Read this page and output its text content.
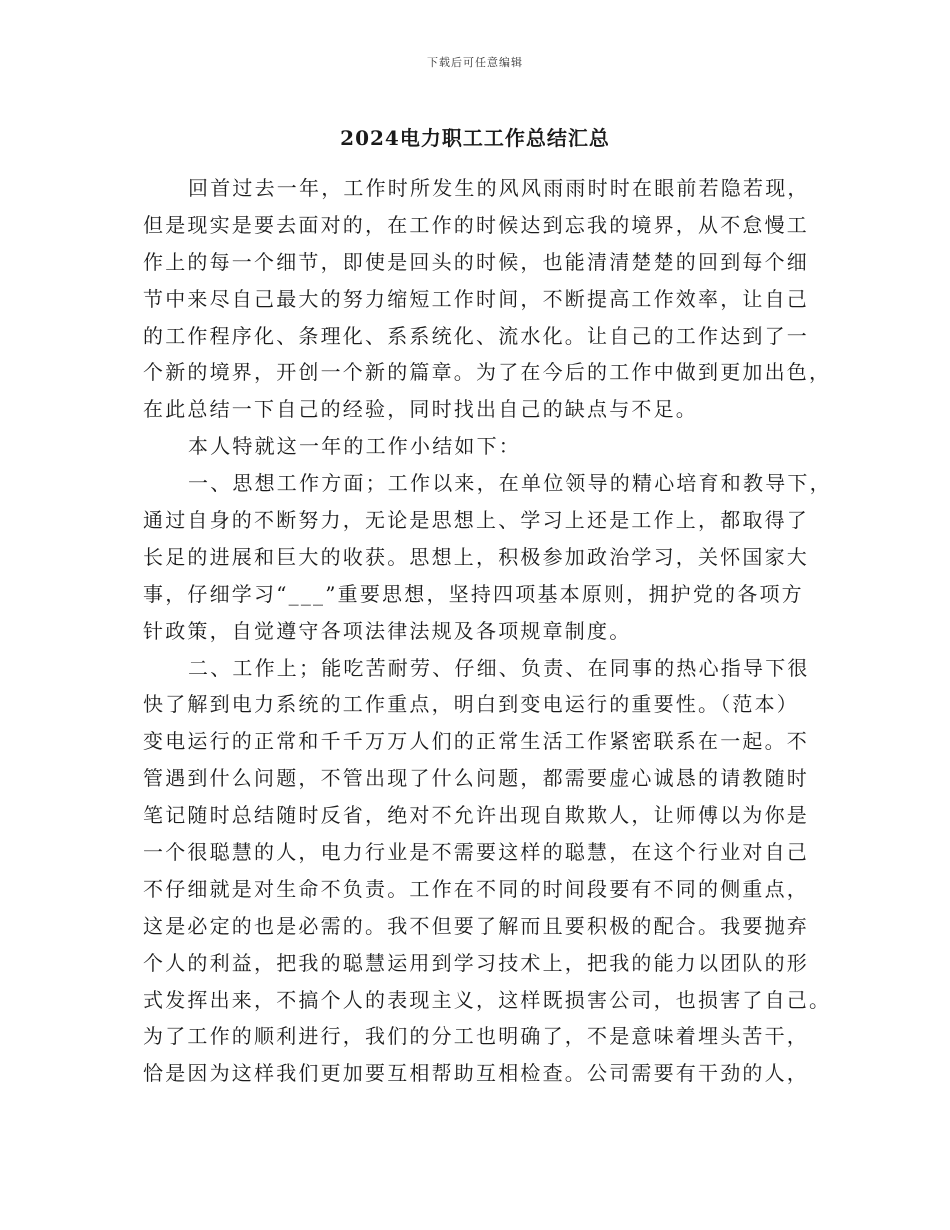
下载后可任意编辑
2024电力职工工作总结汇总
回首过去一年，工作时所发生的风风雨雨时时在眼前若隐若现，
但是现实是要去面对的，在工作的时候达到忘我的境界，从不怠慢工
作上的每一个细节，即使是回头的时候，也能清清楚楚的回到每个细
节中来尽自己最大的努力缩短工作时间，不断提高工作效率，让自己
的工作程序化、条理化、系系统化、流水化。让自己的工作达到了一
个新的境界，开创一个新的篇章。为了在今后的工作中做到更加出色，
在此总结一下自己的经验，同时找出自己的缺点与不足。
本人特就这一年的工作小结如下：
一、思想工作方面；工作以来，在单位领导的精心培育和教导下，
通过自身的不断努力，无论是思想上、学习上还是工作上，都取得了
长足的进展和巨大的收获。思想上，积极参加政治学习，关怀国家大
事，仔细学习“___”重要思想，坚持四项基本原则，拥护党的各项方
针政策，自觉遵守各项法律法规及各项规章制度。
二、工作上；能吃苦耐劳、仔细、负责、在同事的热心指导下很
快了解到电力系统的工作重点，明白到变电运行的重要性。（范本）
变电运行的正常和千千万万人们的正常生活工作紧密联系在一起。不
管遇到什么问题，不管出现了什么问题，都需要虚心诚恳的请教随时
笔记随时总结随时反省，绝对不允许出现自欺欺人，让师傅以为你是
一个很聪慧的人，电力行业是不需要这样的聪慧，在这个行业对自己
不仔细就是对生命不负责。工作在不同的时间段要有不同的侧重点，
这是必定的也是必需的。我不但要了解而且要积极的配合。我要抛弃
个人的利益，把我的聪慧运用到学习技术上，把我的能力以团队的形
式发挥出来，不搞个人的表现主义，这样既损害公司，也损害了自己。
为了工作的顺利进行，我们的分工也明确了，不是意味着埋头苦干，
恰是因为这样我们更加要互相帮助互相检查。公司需要有干劲的人，
